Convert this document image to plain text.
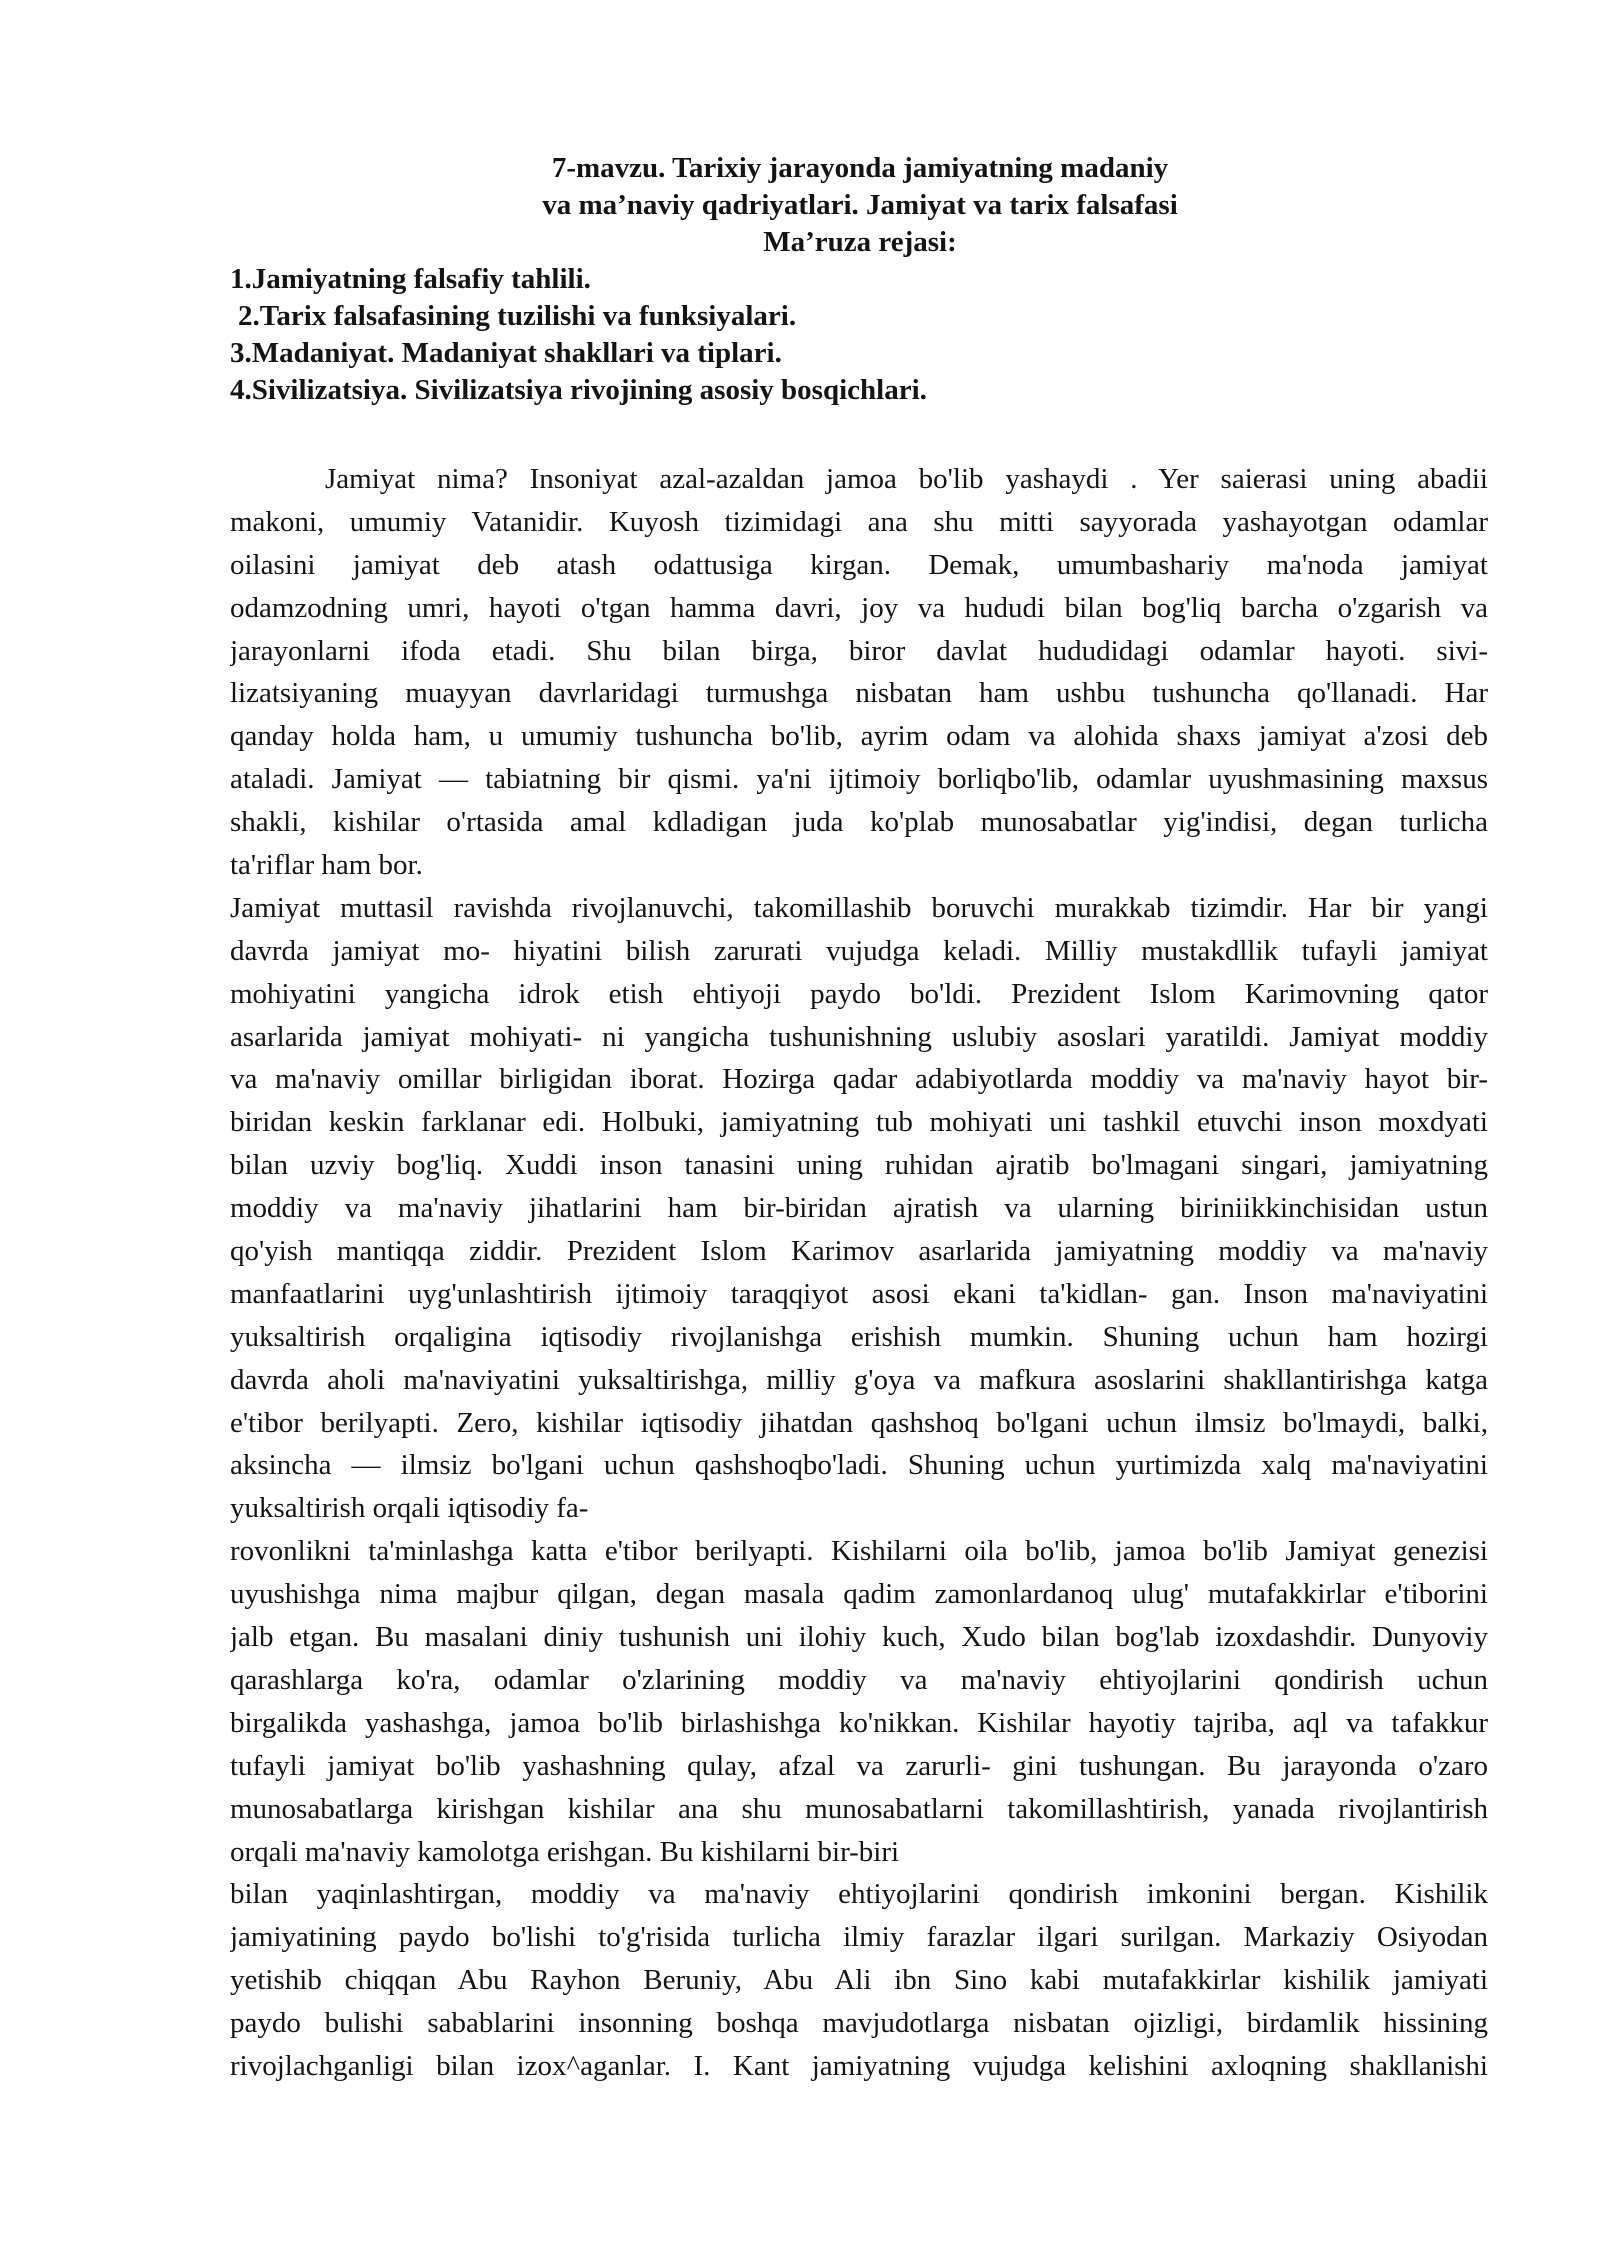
7-mavzu. Tarixiy jarayonda jamiyatning madaniy
va ma’naviy qadriyatlari. Jamiyat va tarix falsafasi
Ma’ruza rejasi:
1.Jamiyatning falsafiy tahlili.
2.Tarix falsafasining tuzilishi va funksiyalari.
3.Madaniyat. Madaniyat shakllari va tiplari.
4.Sivilizatsiya. Sivilizatsiya rivojining asosiy bosqichlari.
Jamiyat nima? Insoniyat azal-azaldan jamoa bo'lib yashaydi . Yer saierasi uning abadii
makoni, umumiy Vatanidir. Kuyosh tizimidagi ana shu mitti sayyorada yashayotgan odamlar
oilasini jamiyat deb atash odattusiga kirgan. Demak, umumbashariy ma'noda jamiyat
odamzodning umri, hayoti o'tgan hamma davri, joy va hududi bilan bog'liq barcha o'zgarish va
jarayonlarni ifoda etadi. Shu bilan birga, biror davlat hududidagi odamlar hayoti. sivi-
lizatsiyaning muayyan davrlaridagi turmushga nisbatan ham ushbu tushuncha qo'llanadi. Har
qanday holda ham, u umumiy tushuncha bo'lib, ayrim odam va alohida shaxs jamiyat a'zosi deb
ataladi. Jamiyat — tabiatning bir qismi. ya'ni ijtimoiy borliqbo'lib, odamlar uyushmasining maxsus
shakli, kishilar o'rtasida amal kdladigan juda ko'plab munosabatlar yig'indisi, degan turlicha
ta'riflar ham bor.
Jamiyat muttasil ravishda rivojlanuvchi, takomillashib boruvchi murakkab tizimdir. Har bir yangi
davrda jamiyat mo- hiyatini bilish zarurati vujudga keladi. Milliy mustakdllik tufayli jamiyat
mohiyatini yangicha idrok etish ehtiyoji paydo bo'ldi. Prezident Islom Karimovning qator
asarlarida jamiyat mohiyati- ni yangicha tushunishning uslubiy asoslari yaratildi. Jamiyat moddiy
va ma'naviy omillar birligidan iborat. Hozirga qadar adabiyotlarda moddiy va ma'naviy hayot bir-
biridan keskin farklanar edi. Holbuki, jamiyatning tub mohiyati uni tashkil etuvchi inson moxdyati
bilan uzviy bog'liq. Xuddi inson tanasini uning ruhidan ajratib bo'lmagani singari, jamiyatning
moddiy va ma'naviy jihatlarini ham bir-biridan ajratish va ularning biriniikkinchisidan ustun
qo'yish mantiqqa ziddir. Prezident Islom Karimov asarlarida jamiyatning moddiy va ma'naviy
manfaatlarini uyg'unlashtirish ijtimoiy taraqqiyot asosi ekani ta'kidlan- gan. Inson ma'naviyatini
yuksaltirish orqaligina iqtisodiy rivojlanishga erishish mumkin. Shuning uchun ham hozirgi
davrda aholi ma'naviyatini yuksaltirishga, milliy g'oya va mafkura asoslarini shakllantirishga katga
e'tibor berilyapti. Zero, kishilar iqtisodiy jihatdan qashshoq bo'lgani uchun ilmsiz bo'lmaydi, balki,
aksincha — ilmsiz bo'lgani uchun qashshoqbo'ladi. Shuning uchun yurtimizda xalq ma'naviyatini
yuksaltirish orqali iqtisodiy fa-
rovonlikni ta'minlashga katta e'tibor berilyapti. Kishilarni oila bo'lib, jamoa bo'lib Jamiyat genezisi
uyushishga nima majbur qilgan, degan masala qadim zamonlardanoq ulug' mutafakkirlar e'tiborini
jalb etgan. Bu masalani diniy tushunish uni ilohiy kuch, Xudo bilan bog'lab izoxdashdir. Dunyoviy
qarashlarga ko'ra, odamlar o'zlarining moddiy va ma'naviy ehtiyojlarini qondirish uchun
birgalikda yashashga, jamoa bo'lib birlashishga ko'nikkan. Kishilar hayotiy tajriba, aql va tafakkur
tufayli jamiyat bo'lib yashashning qulay, afzal va zarurli- gini tushungan. Bu jarayonda o'zaro
munosabatlarga kirishgan kishilar ana shu munosabatlarni takomillashtirish, yanada rivojlantirish
orqali ma'naviy kamolotga erishgan. Bu kishilarni bir-biri
bilan yaqinlashtirgan, moddiy va ma'naviy ehtiyojlarini qondirish imkonini bergan. Kishilik
jamiyatining paydo bo'lishi to'g'risida turlicha ilmiy farazlar ilgari surilgan. Markaziy Osiyodan
yetishib chiqqan Abu Rayhon Beruniy, Abu Ali ibn Sino kabi mutafakkirlar kishilik jamiyati
paydo bulishi sabablarini insonning boshqa mavjudotlarga nisbatan ojizligi, birdamlik hissining
rivojlachganligi bilan izox^aganlar. I. Kant jamiyatning vujudga kelishini axloqning shakllanishi
